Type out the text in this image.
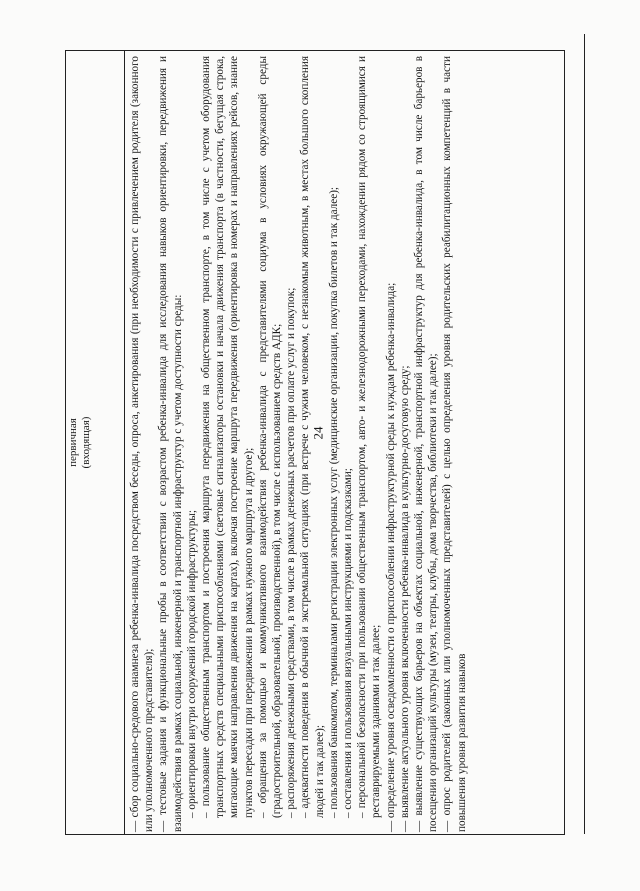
24
первичная (входящая)	— сбор социально-средового анамнеза ребенка-инвалида посредством беседы, опроса, анкетирования (при необходимости с привлечением родителя (законного или уполномоченного представителя); — тестовые задания и функциональные пробы в соответствии с возрастом ребенка-инвалида для исследования навыков ориентировки, передвижения и взаимодействия в рамках социальной, инженерной и транспортной инфраструктур с учетом доступности среды: – ориентировки внутри сооружений городской инфраструктуры; – пользование общественным транспортом и построения маршрута передвижения на общественном транспорте, в том числе с учетом оборудования транспортных средств специальными приспособлениями (световые сигнализаторы остановки и начала движения транспорта (в частности, бегущая строка, мигающие маячки направления движения на картах), включая построение маршрута передвижения (ориентировка в номерах и направлениях рейсов, знание пунктов пересадки при передвижении в рамках нужного маршрута и другое); – обращения за помощью и коммуникативного взаимодействия ребенка-инвалида с представителями социума в условиях окружающей среды (градостроительной, образовательной, производственной), в том числе с использованием средств АДК; – распоряжения денежными средствами, в том числе в рамках денежных расчетов при оплате услуг и покупок; – адекватности поведения в обычной и экстремальной ситуациях (при встрече с чужим человеком, с незнакомым животным, в местах большого скопления людей и так далее); – пользования банкоматом, терминалами регистрации электронных услуг (медицинские организации, покупка билетов и так далее); – составления и пользования визуальными инструкциями и подсказками; – персональной безопасности при пользовании общественным транспортом, авто- и железнодорожными переходами, нахождении рядом со строящимися и реставрируемыми зданиями и так далее; — определение уровня осведомленности о приспособлении инфраструктурной среды к нуждам ребенка-инвалида; — выявление актуального уровня включенности ребенка-инвалида в культурно-досуговую среду; — выявление существующих барьеров на объектах социальной, инженерной, транспортной инфраструктур для ребенка-инвалида, в том числе барьеров в посещении организаций культуры (музеи, театры, клубы, дома творчества, библиотеки и так далее); — опрос родителей (законных или уполномоченных представителей) с целью определения уровня родительских реабилитационных компетенций в части повышения уровня развития навыков
